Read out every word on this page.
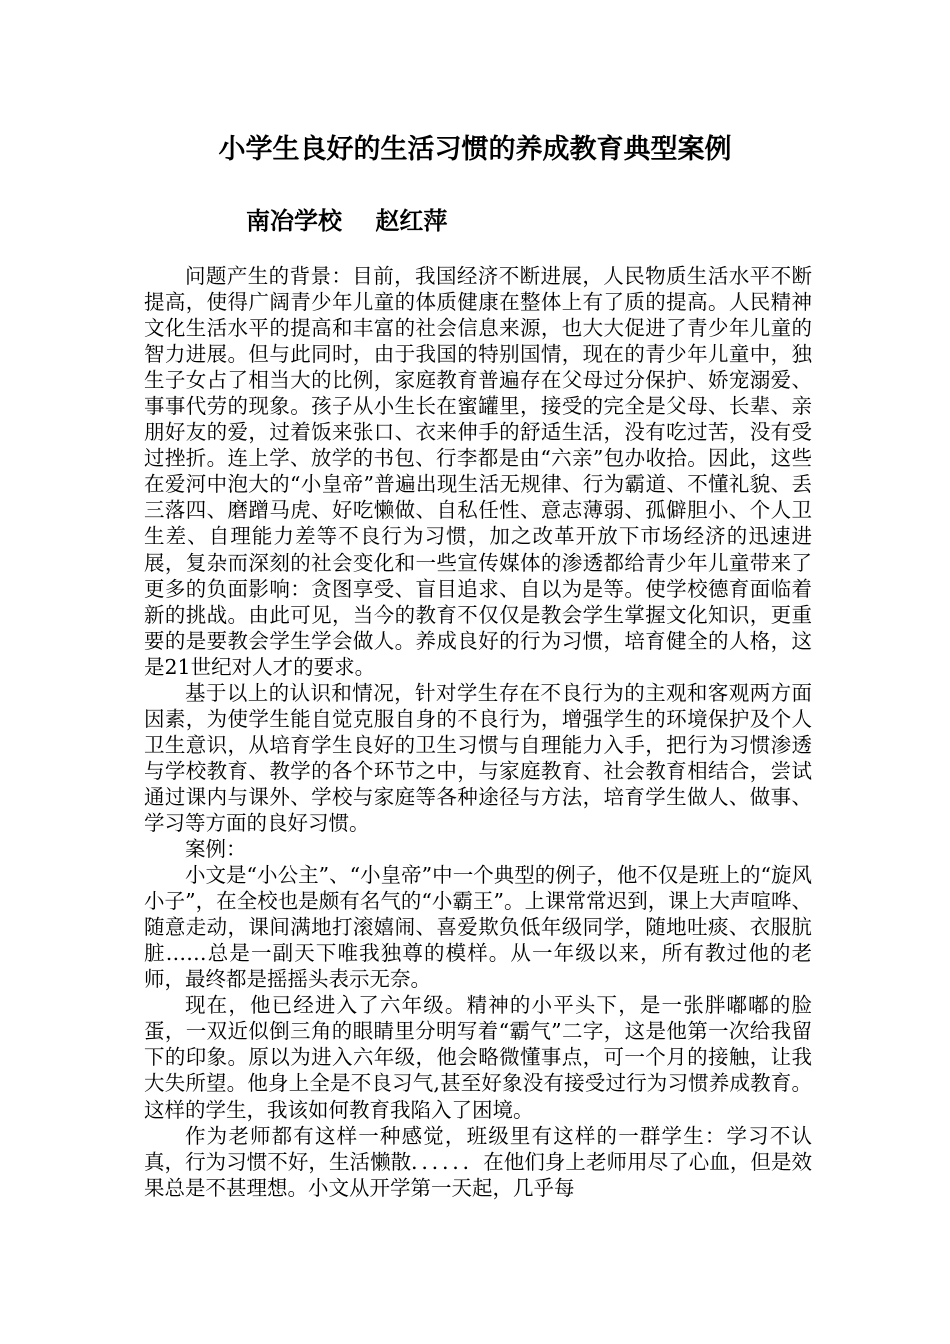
小学生良好的生活习惯的养成教育典型案例
南冶学校    赵红萍

问题产生的背景：目前，我国经济不断进展，人民物质生活水平不断提高，使得广阔青少年儿童的体质健康在整体上有了质的提高。人民精神文化生活水平的提高和丰富的社会信息来源，也大大促进了青少年儿童的智力进展。但与此同时，由于我国的特别国情，现在的青少年儿童中，独生子女占了相当大的比例，家庭教育普遍存在父母过分保护、娇宠溺爱、事事代劳的现象。孩子从小生长在蜜罐里，接受的完全是父母、长辈、亲朋好友的爱，过着饭来张口、衣来伸手的舒适生活，没有吃过苦，没有受过挫折。连上学、放学的书包、行李都是由“六亲”包办收拾。因此，这些在爱河中泡大的“小皇帝”普遍出现生活无规律、行为霸道、不懂礼貌、丢三落四、磨蹭马虎、好吃懒做、自私任性、意志薄弱、孤僻胆小、个人卫生差、自理能力差等不良行为习惯，加之改革开放下市场经济的迅速进展，复杂而深刻的社会变化和一些宣传媒体的渗透都给青少年儿童带来了更多的负面影响：贪图享受、盲目追求、自以为是等。使学校德育面临着新的挑战。由此可见，当今的教育不仅仅是教会学生掌握文化知识，更重要的是要教会学生学会做人。养成良好的行为习惯，培育健全的人格，这是21世纪对人才的要求。

基于以上的认识和情况，针对学生存在不良行为的主观和客观两方面因素，为使学生能自觉克服自身的不良行为，增强学生的环境保护及个人卫生意识，从培育学生良好的卫生习惯与自理能力入手，把行为习惯渗透与学校教育、教学的各个环节之中，与家庭教育、社会教育相结合，尝试通过课内与课外、学校与家庭等各种途径与方法，培育学生做人、做事、学习等方面的良好习惯。

案例：

小文是“小公主”、“小皇帝”中一个典型的例子，他不仅是班上的“旋风小子”，在全校也是颇有名气的“小霸王”。上课常常迟到，课上大声喧哗、随意走动，课间满地打滚嬉闹、喜爱欺负低年级同学，随地吐痰、衣服肮脏……总是一副天下唯我独尊的模样。从一年级以来，所有教过他的老师，最终都是摇摇头表示无奈。

现在，他已经进入了六年级。精神的小平头下，是一张胖嘟嘟的脸蛋，一双近似倒三角的眼睛里分明写着“霸气”二字，这是他第一次给我留下的印象。原以为进入六年级，他会略微懂事点，可一个月的接触，让我大失所望。他身上全是不良习气,甚至好象没有接受过行为习惯养成教育。这样的学生，我该如何教育我陷入了困境。

作为老师都有这样一种感觉，班级里有这样的一群学生：学习不认真，行为习惯不好，生活懒散．．．．．．在他们身上老师用尽了心血，但是效果总是不甚理想。小文从开学第一天起，几乎每
